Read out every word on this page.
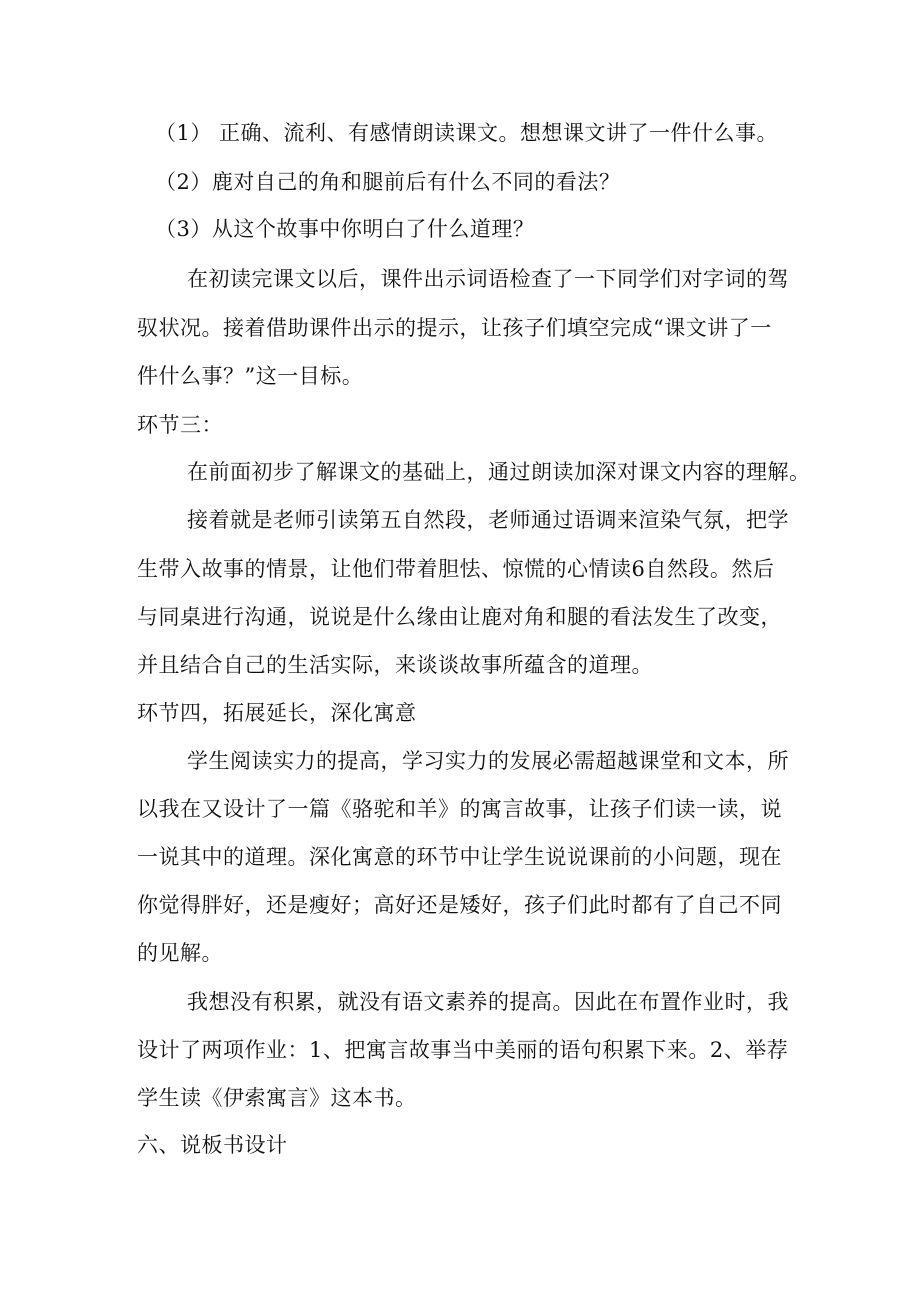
（1） 正确、流利、有感情朗读课文。想想课文讲了一件什么事。
（2）鹿对自己的角和腿前后有什么不同的看法？
（3）从这个故事中你明白了什么道理？
在初读完课文以后，课件出示词语检查了一下同学们对字词的驾
驭状况。接着借助课件出示的提示，让孩子们填空完成“课文讲了一
件什么事？”这一目标。
环节三：
在前面初步了解课文的基础上，通过朗读加深对课文内容的理解。
接着就是老师引读第五自然段，老师通过语调来渲染气氛，把学
生带入故事的情景，让他们带着胆怯、惊慌的心情读6自然段。然后
与同桌进行沟通，说说是什么缘由让鹿对角和腿的看法发生了改变，
并且结合自己的生活实际，来谈谈故事所蕴含的道理。
环节四，拓展延长，深化寓意
学生阅读实力的提高，学习实力的发展必需超越课堂和文本，所
以我在又设计了一篇《骆驼和羊》的寓言故事，让孩子们读一读，说
一说其中的道理。深化寓意的环节中让学生说说课前的小问题，现在
你觉得胖好，还是瘦好；高好还是矮好，孩子们此时都有了自己不同
的见解。
我想没有积累，就没有语文素养的提高。因此在布置作业时，我
设计了两项作业：1、把寓言故事当中美丽的语句积累下来。2、举荐
学生读《伊索寓言》这本书。
六、说板书设计
